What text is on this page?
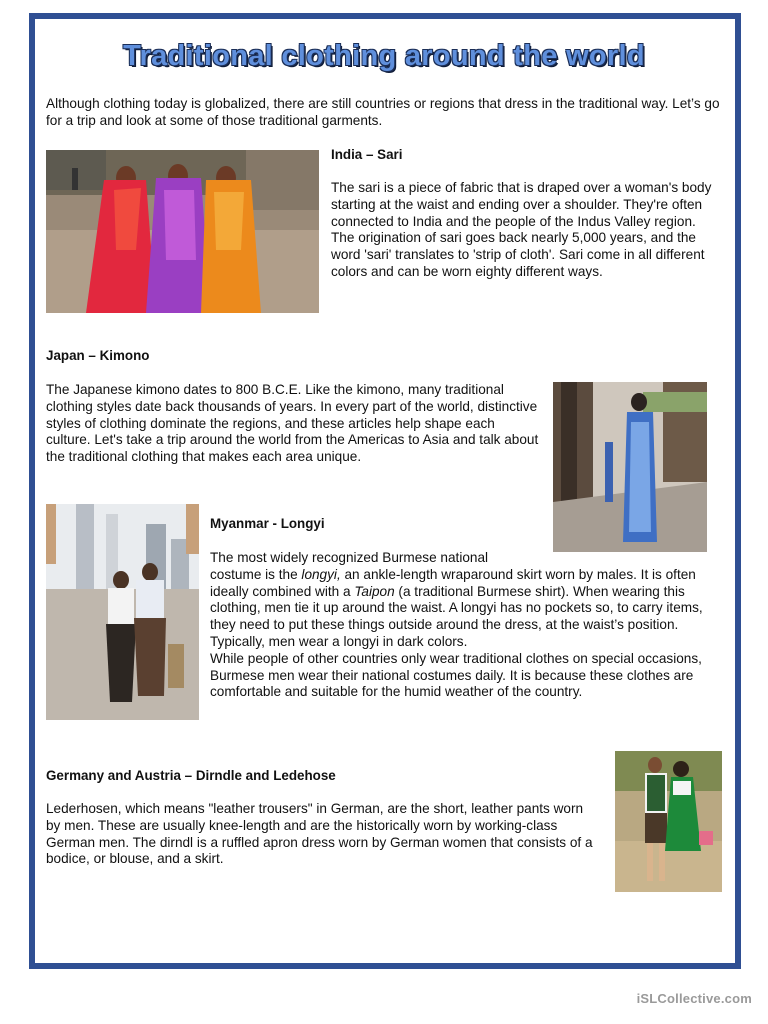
Traditional clothing around the world

Although clothing today is globalized, there are still countries or regions that dress in the traditional way. Let’s go for a trip and look at some of those traditional garments.

India – Sari

The sari is a piece of fabric that is draped over a woman's body starting at the waist and ending over a shoulder. They're often connected to India and the people of the Indus Valley region. The origination of sari goes back nearly 5,000 years, and the word 'sari' translates to 'strip of cloth'. Sari come in all different colors and can be worn eighty different ways.

Japan – Kimono

The Japanese kimono dates to 800 B.C.E. Like the kimono, many traditional clothing styles date back thousands of years. In every part of the world, distinctive styles of clothing dominate the regions, and these articles help shape each culture. Let's take a trip around the world from the Americas to Asia and talk about the traditional clothing that makes each area unique.

Myanmar - Longyi

The most widely recognized Burmese national

costume is the longyi, an ankle-length wraparound skirt worn by males. It is often ideally combined with a Taipon (a traditional Burmese shirt). When wearing this clothing, men tie it up around the waist. A longyi has no pockets so, to carry items, they need to put these things outside around the dress, at the waist’s position. Typically, men wear a longyi in dark colors.
While people of other countries only wear traditional clothes on special occasions, Burmese men wear their national costumes daily. It is because these clothes are comfortable and suitable for the humid weather of the country.

Germany and Austria – Dirndle and Ledehose

Lederhosen, which means "leather trousers" in German, are the short, leather pants worn by men. These are usually knee-length and are the historically worn by working-class German men. The dirndl is a ruffled apron dress worn by German women that consists of a bodice, or blouse, and a skirt.

iSLCollective.com
